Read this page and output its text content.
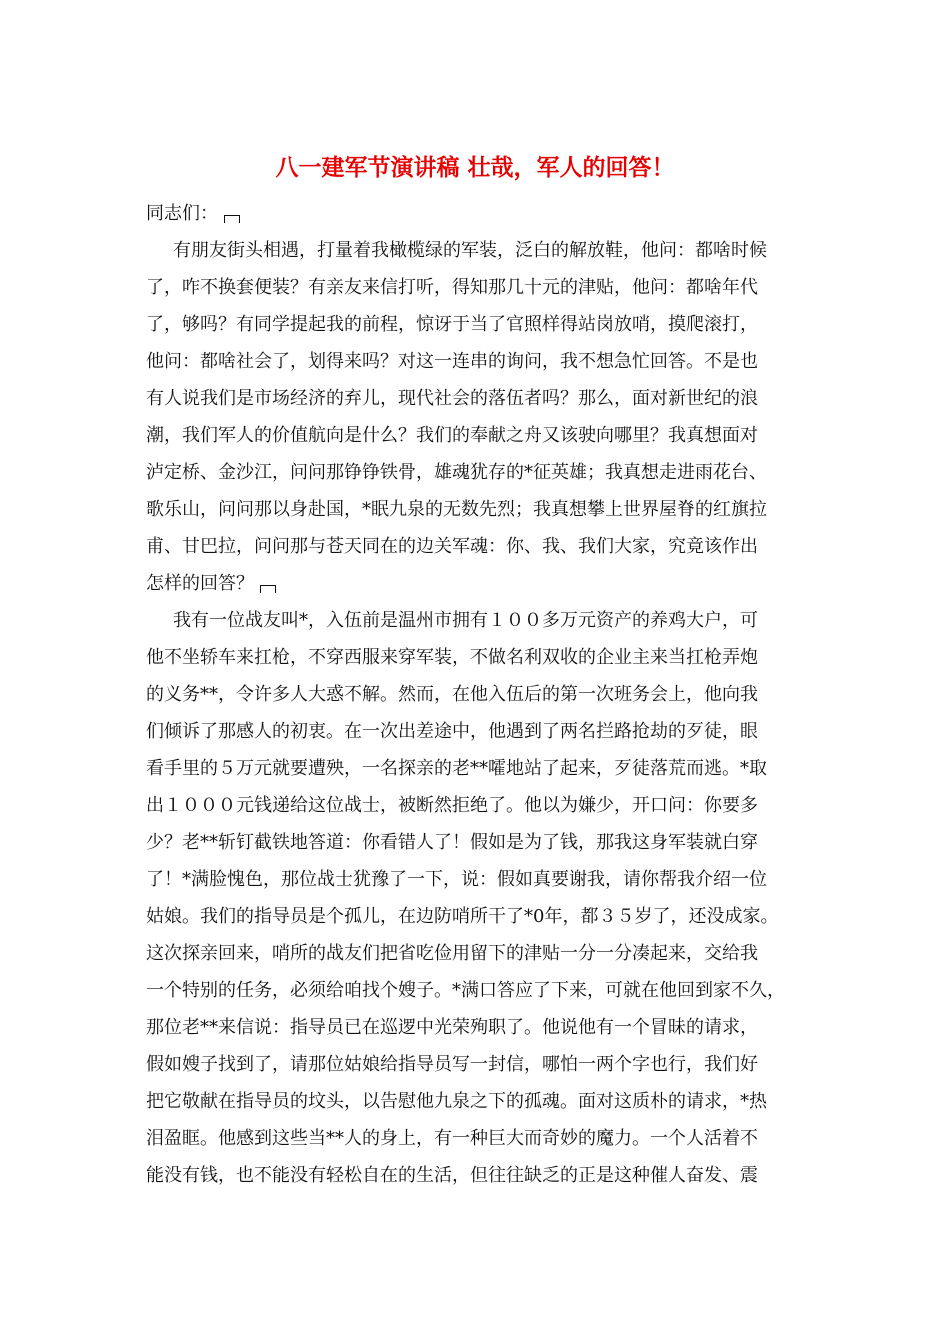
八一建军节演讲稿 壮哉，军人的回答！
同志们：
有朋友街头相遇，打量着我橄榄绿的军装，泛白的解放鞋，他问：都啥时候
了，咋不换套便装？有亲友来信打听，得知那几十元的津贴，他问：都啥年代
了，够吗？有同学提起我的前程，惊讶于当了官照样得站岗放哨，摸爬滚打，
他问：都啥社会了，划得来吗？对这一连串的询问，我不想急忙回答。不是也
有人说我们是市场经济的弃儿，现代社会的落伍者吗？那么，面对新世纪的浪
潮，我们军人的价值航向是什么？我们的奉献之舟又该驶向哪里？我真想面对
泸定桥、金沙江，问问那铮铮铁骨，雄魂犹存的*征英雄；我真想走进雨花台、
歌乐山，问问那以身赴国，*眠九泉的无数先烈；我真想攀上世界屋脊的红旗拉
甫、甘巴拉，问问那与苍天同在的边关军魂：你、我、我们大家，究竟该作出
怎样的回答？
我有一位战友叫*，入伍前是温州市拥有１００多万元资产的养鸡大户，可
他不坐轿车来扛枪，不穿西服来穿军装，不做名利双收的企业主来当扛枪弄炮
的义务**，令许多人大惑不解。然而，在他入伍后的第一次班务会上，他向我
们倾诉了那感人的初衷。在一次出差途中，他遇到了两名拦路抢劫的歹徒，眼
看手里的５万元就要遭殃，一名探亲的老**嚯地站了起来，歹徒落荒而逃。*取
出１０００元钱递给这位战士，被断然拒绝了。他以为嫌少，开口问：你要多
少？老**斩钉截铁地答道：你看错人了！假如是为了钱，那我这身军装就白穿
了！*满脸愧色，那位战士犹豫了一下，说：假如真要谢我，请你帮我介绍一位
姑娘。我们的指导员是个孤儿，在边防哨所干了*0年，都３５岁了，还没成家。
这次探亲回来，哨所的战友们把省吃俭用留下的津贴一分一分凑起来，交给我
一个特别的任务，必须给咱找个嫂子。*满口答应了下来，可就在他回到家不久，
那位老**来信说：指导员已在巡逻中光荣殉职了。他说他有一个冒昧的请求，
假如嫂子找到了，请那位姑娘给指导员写一封信，哪怕一两个字也行，我们好
把它敬献在指导员的坟头，以告慰他九泉之下的孤魂。面对这质朴的请求，*热
泪盈眶。他感到这些当**人的身上，有一种巨大而奇妙的魔力。一个人活着不
能没有钱，也不能没有轻松自在的生活，但往往缺乏的正是这种催人奋发、震
